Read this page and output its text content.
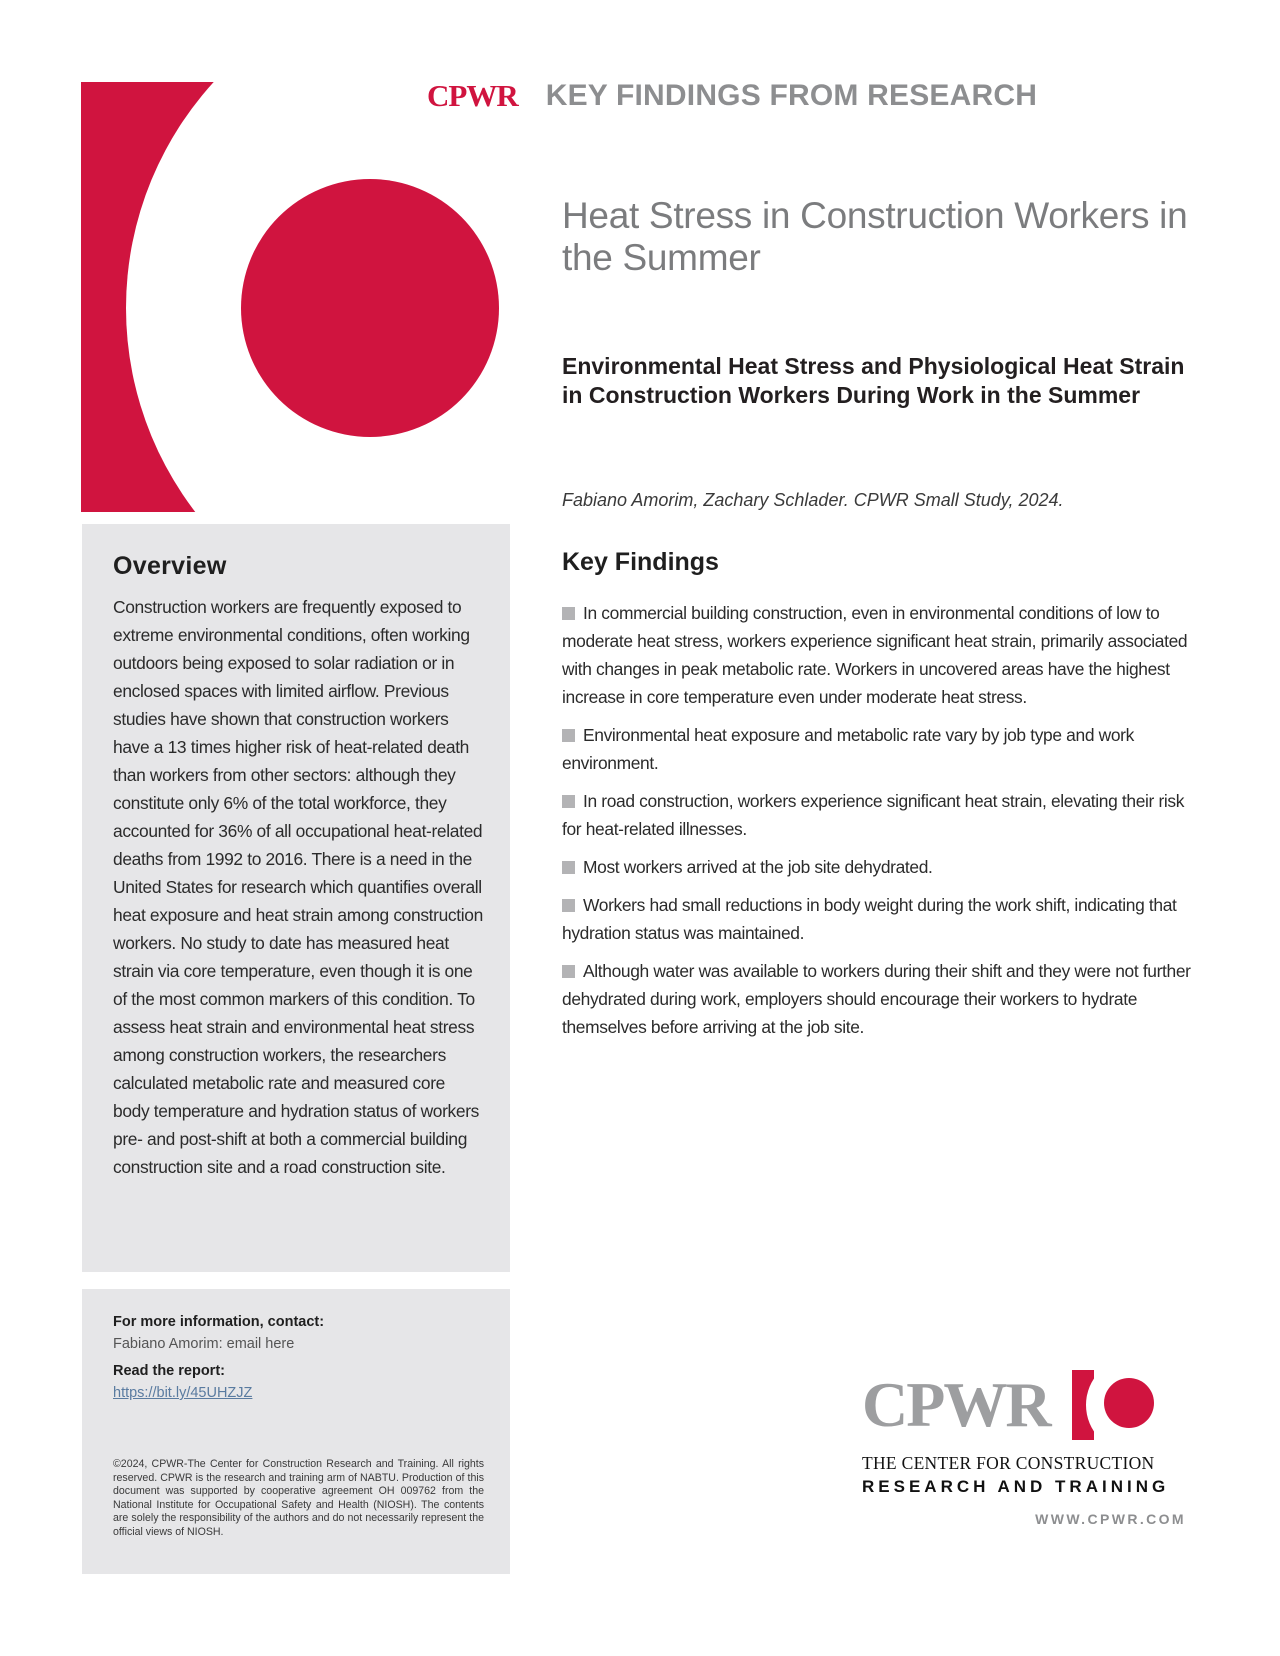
CPWR KEY FINDINGS FROM RESEARCH
Heat Stress in Construction Workers in the Summer
Environmental Heat Stress and Physiological Heat Strain in Construction Workers During Work in the Summer
Fabiano Amorim, Zachary Schlader. CPWR Small Study, 2024.
Overview

Construction workers are frequently exposed to extreme environmental conditions, often working outdoors being exposed to solar radiation or in enclosed spaces with limited airflow. Previous studies have shown that construction workers have a 13 times higher risk of heat-related death than workers from other sectors: although they constitute only 6% of the total workforce, they accounted for 36% of all occupational heat-related deaths from 1992 to 2016. There is a need in the United States for research which quantifies overall heat exposure and heat strain among construction workers. No study to date has measured heat strain via core temperature, even though it is one of the most common markers of this condition. To assess heat strain and environmental heat stress among construction workers, the researchers calculated metabolic rate and measured core body temperature and hydration status of workers pre- and post-shift at both a commercial building construction site and a road construction site.

Key Findings
In commercial building construction, even in environmental conditions of low to moderate heat stress, workers experience significant heat strain, primarily associated with changes in peak metabolic rate. Workers in uncovered areas have the highest increase in core temperature even under moderate heat stress.
Environmental heat exposure and metabolic rate vary by job type and work environment.
In road construction, workers experience significant heat strain, elevating their risk for heat-related illnesses.
Most workers arrived at the job site dehydrated.
Workers had small reductions in body weight during the work shift, indicating that hydration status was maintained.
Although water was available to workers during their shift and they were not further dehydrated during work, employers should encourage their workers to hydrate themselves before arriving at the job site.
For more information, contact:
Fabiano Amorim: email here
Read the report:
https://bit.ly/45UHZJZ

©2024, CPWR-The Center for Construction Research and Training. All rights reserved. CPWR is the research and training arm of NABTU. Production of this document was supported by cooperative agreement OH 009762 from the National Institute for Occupational Safety and Health (NIOSH). The contents are solely the responsibility of the authors and do not necessarily represent the official views of NIOSH.

CPWR
THE CENTER FOR CONSTRUCTION
RESEARCH AND TRAINING
WWW.CPWR.COM
